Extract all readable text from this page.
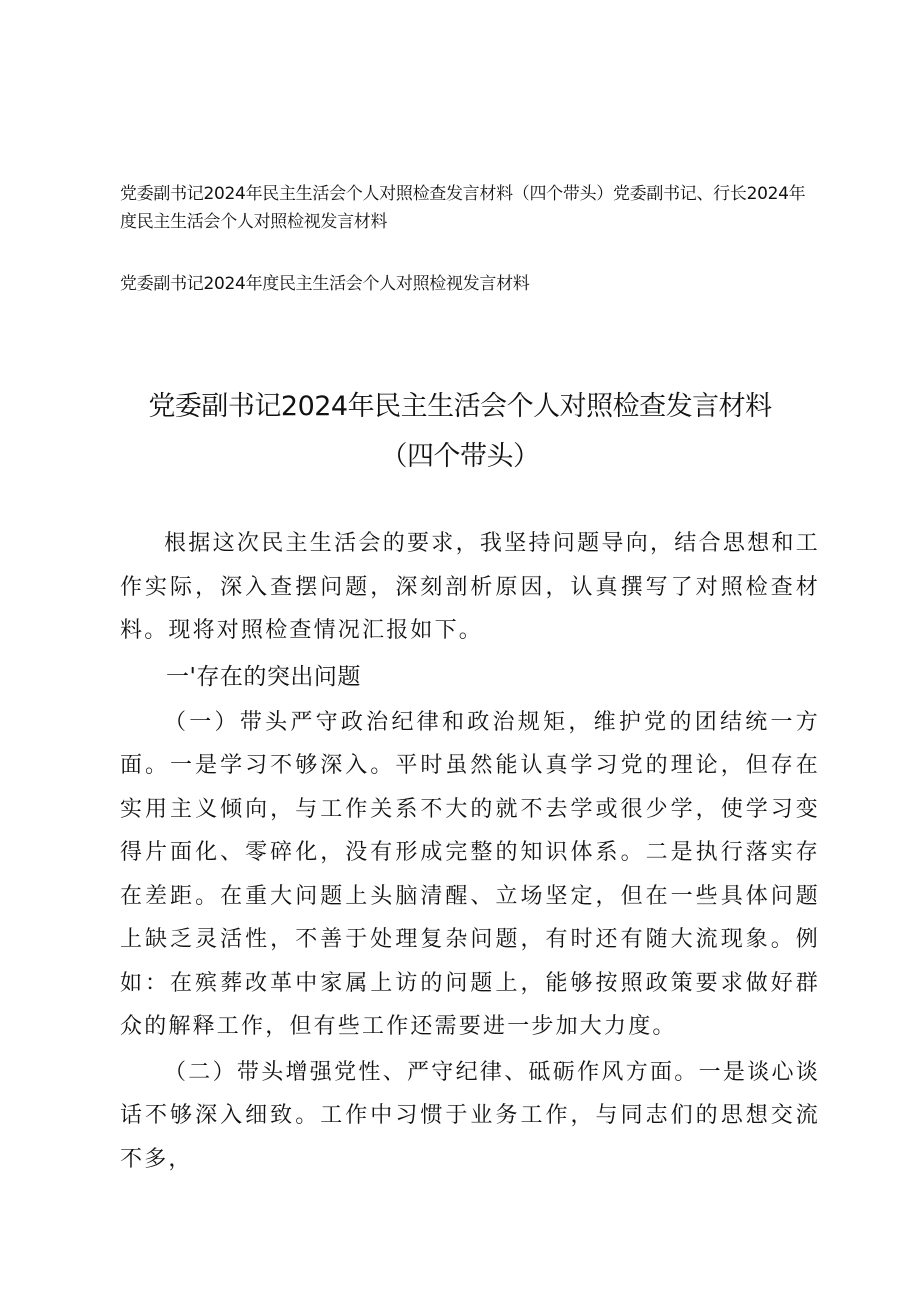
党委副书记2024年民主生活会个人对照检查发言材料（四个带头）党委副书记、行长2024年度民主生活会个人对照检视发言材料

党委副书记2024年度民主生活会个人对照检视发言材料

党委副书记2024年民主生活会个人对照检查发言材料
（四个带头）

根据这次民主生活会的要求，我坚持问题导向，结合思想和工作实际，深入查摆问题，深刻剖析原因，认真撰写了对照检查材料。现将对照检查情况汇报如下。

一'存在的突出问题

（一）带头严守政治纪律和政治规矩，维护党的团结统一方面。一是学习不够深入。平时虽然能认真学习党的理论，但存在实用主义倾向，与工作关系不大的就不去学或很少学，使学习变得片面化、零碎化，没有形成完整的知识体系。二是执行落实存在差距。在重大问题上头脑清醒、立场坚定，但在一些具体问题上缺乏灵活性，不善于处理复杂问题，有时还有随大流现象。例如：在殡葬改革中家属上访的问题上，能够按照政策要求做好群众的解释工作，但有些工作还需要进一步加大力度。

（二）带头增强党性、严守纪律、砥砺作风方面。一是谈心谈话不够深入细致。工作中习惯于业务工作，与同志们的思想交流不多，
